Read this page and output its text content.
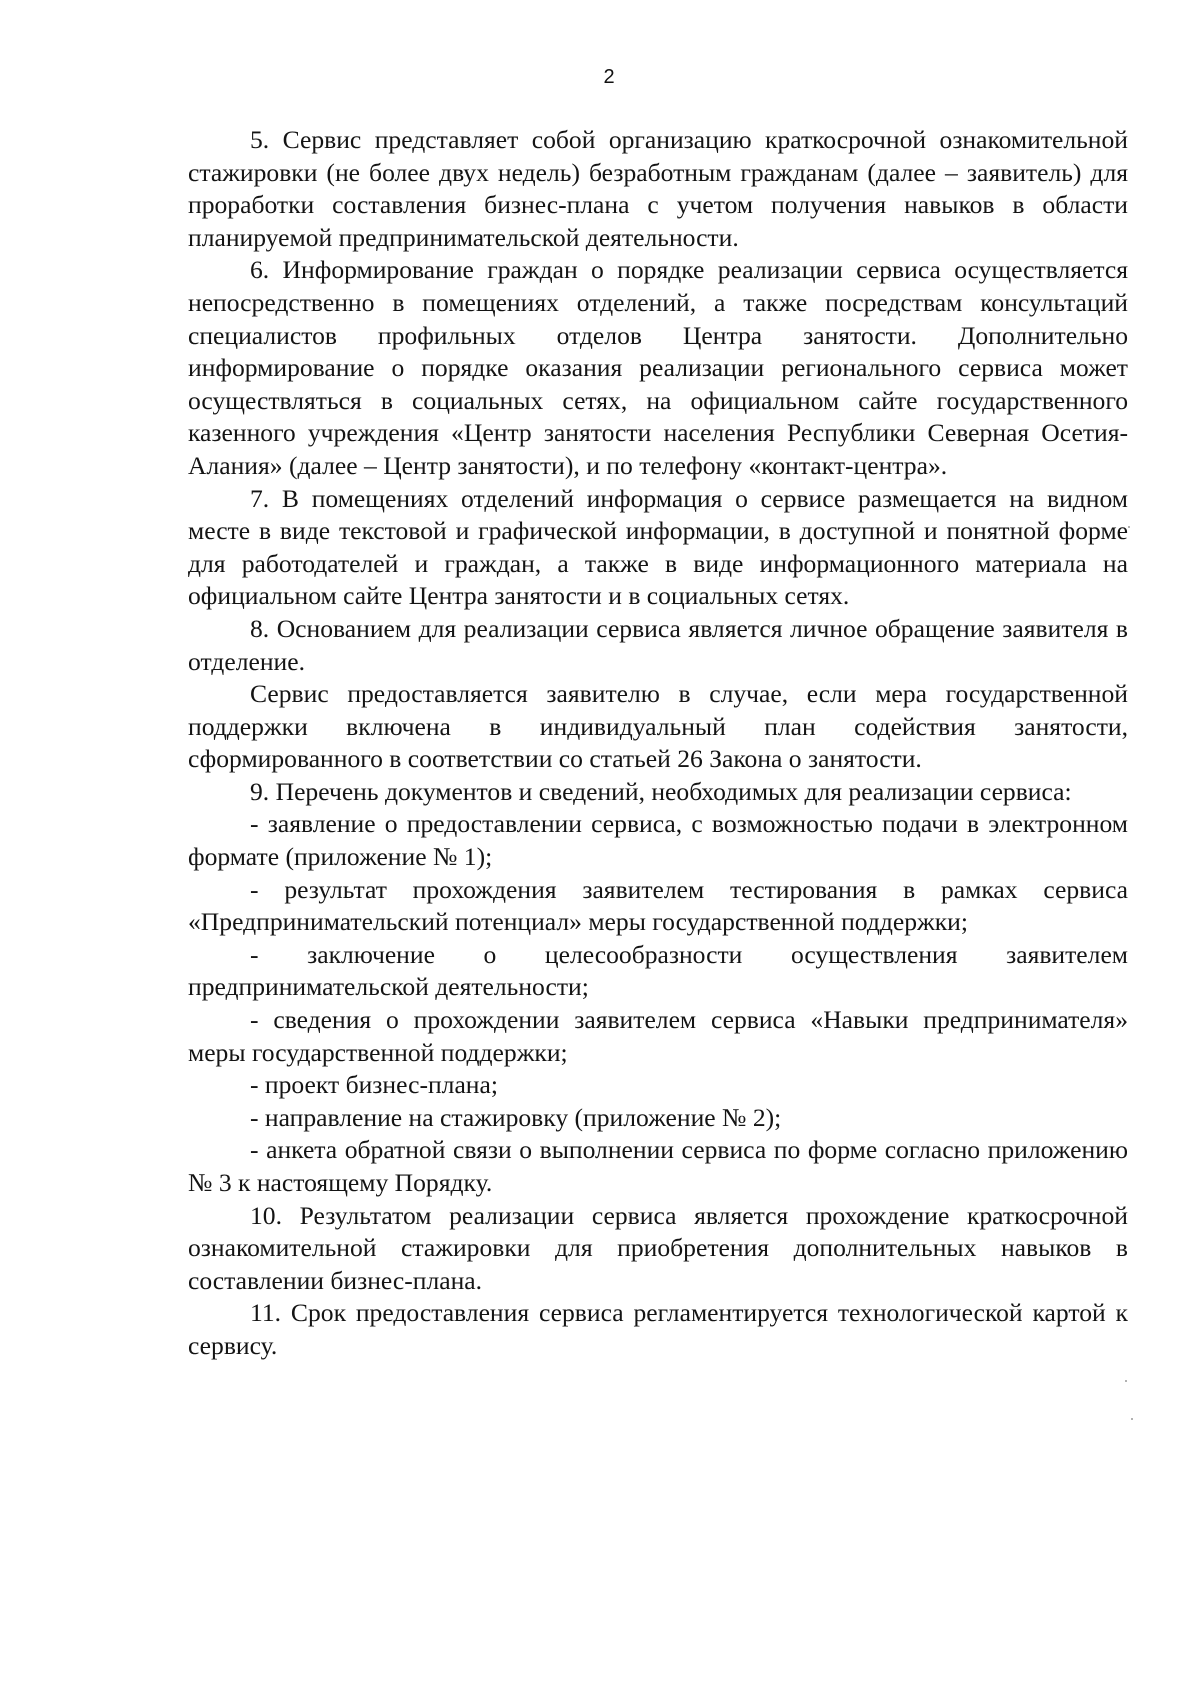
2

5. Сервис представляет собой организацию краткосрочной ознакомительной стажировки (не более двух недель) безработным гражданам (далее – заявитель) для проработки составления бизнес-плана с учетом получения навыков в области планируемой предпринимательской деятельности.

6. Информирование граждан о порядке реализации сервиса осуществляется непосредственно в помещениях отделений, а также посредствам консультаций специалистов профильных отделов Центра занятости. Дополнительно информирование о порядке оказания реализации регионального сервиса может осуществляться в социальных сетях, на официальном сайте государственного казенного учреждения «Центр занятости населения Республики Северная Осетия-Алания» (далее – Центр занятости), и по телефону «контакт-центра».

7. В помещениях отделений информация о сервисе размещается на видном месте в виде текстовой и графической информации, в доступной и понятной форме для работодателей и граждан, а также в виде информационного материала на официальном сайте Центра занятости и в социальных сетях.

8. Основанием для реализации сервиса является личное обращение заявителя в отделение.

Сервис предоставляется заявителю в случае, если мера государственной поддержки включена в индивидуальный план содействия занятости, сформированного в соответствии со статьей 26 Закона о занятости.

9. Перечень документов и сведений, необходимых для реализации сервиса:

- заявление о предоставлении сервиса, с возможностью подачи в электронном формате (приложение № 1);

- результат прохождения заявителем тестирования в рамках сервиса «Предпринимательский потенциал» меры государственной поддержки;

- заключение о целесообразности осуществления заявителем предпринимательской деятельности;

- сведения о прохождении заявителем сервиса «Навыки предпринимателя» меры государственной поддержки;

- проект бизнес-плана;

- направление на стажировку (приложение № 2);

- анкета обратной связи о выполнении сервиса по форме согласно приложению № 3 к настоящему Порядку.

10. Результатом реализации сервиса является прохождение краткосрочной ознакомительной стажировки для приобретения дополнительных навыков в составлении бизнес-плана.

11. Срок предоставления сервиса регламентируется технологической картой к сервису.
